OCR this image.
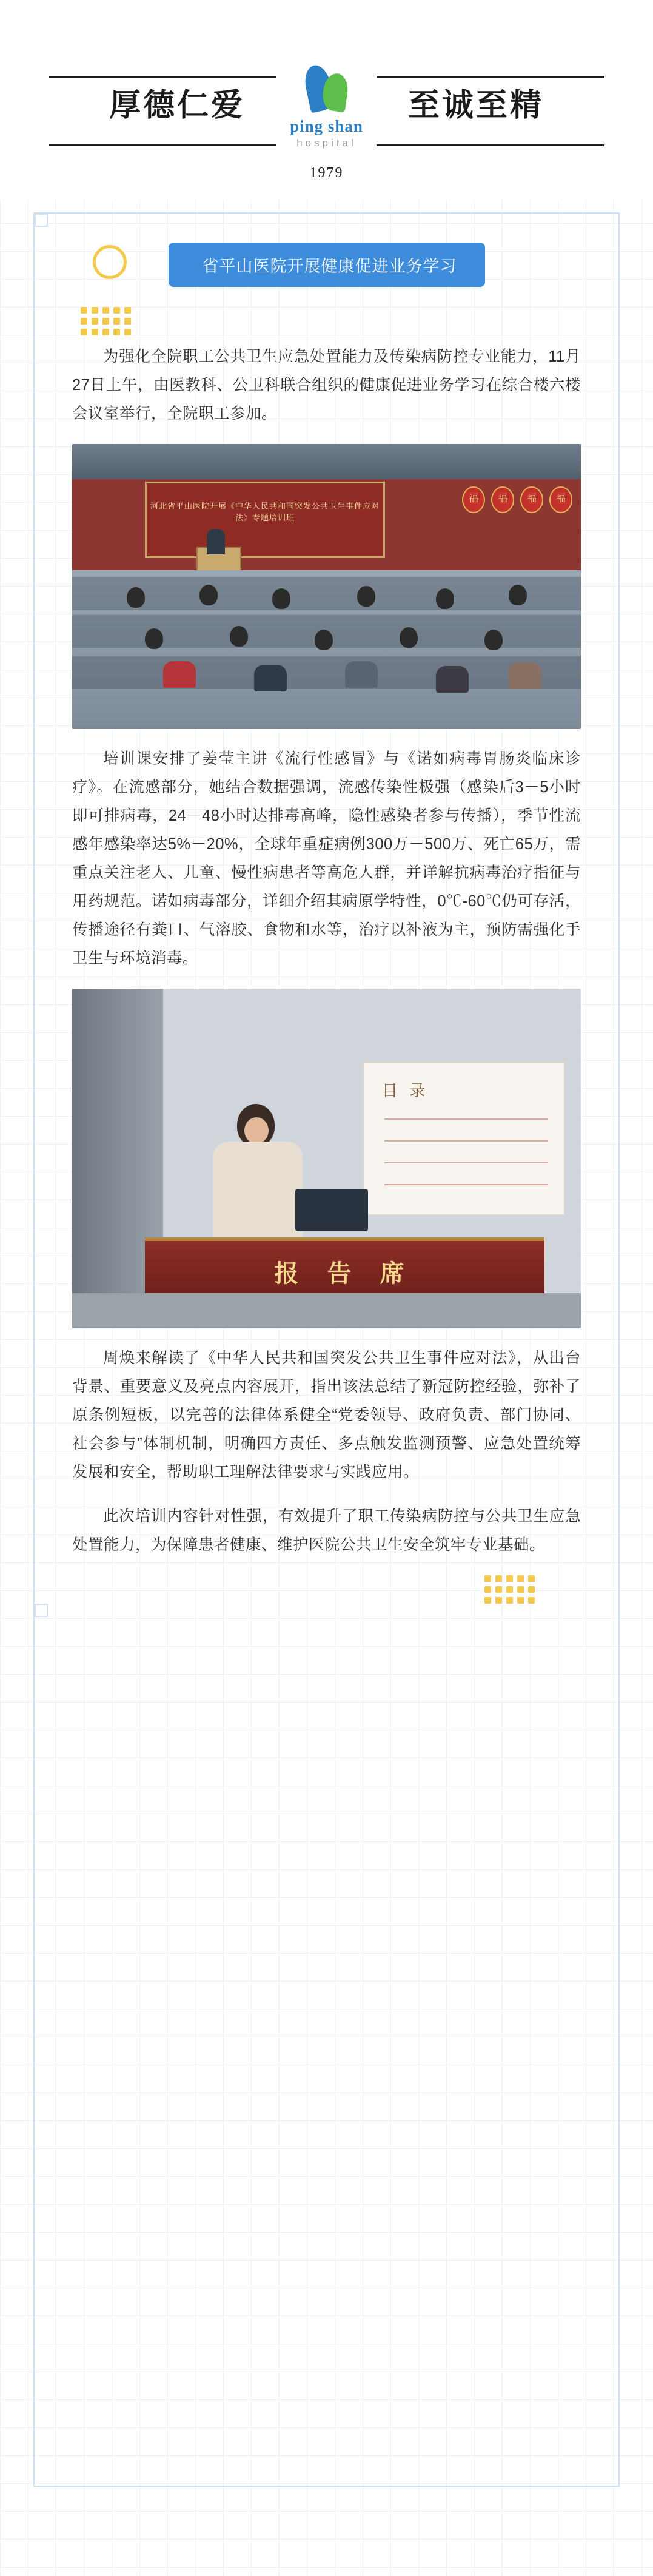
厚德仁爱
ping shan
hospital
至诚至精
1979
省平山医院开展健康促进业务学习

为强化全院职工公共卫生应急处置能力及传染病防控专业能力，11月27日上午，由医教科、公卫科联合组织的健康促进业务学习在综合楼六楼会议室举行，全院职工参加。

河北省平山医院开展《中华人民共和国突发公共卫生事件应对法》专题培训班
福	福	福	福

培训课安排了姜莹主讲《流行性感冒》与《诺如病毒胃肠炎临床诊疗》。在流感部分，她结合数据强调，流感传染性极强（感染后3－5小时即可排病毒，24－48小时达排毒高峰，隐性感染者参与传播），季节性流感年感染率达5%－20%，全球年重症病例300万－500万、死亡65万，需重点关注老人、儿童、慢性病患者等高危人群，并详解抗病毒治疗指征与用药规范。诺如病毒部分，详细介绍其病原学特性，0℃-60℃仍可存活，传播途径有粪口、气溶胶、食物和水等，治疗以补液为主，预防需强化手卫生与环境消毒。

目 录
报 告 席

周焕来解读了《中华人民共和国突发公共卫生事件应对法》，从出台背景、重要意义及亮点内容展开，指出该法总结了新冠防控经验，弥补了原条例短板，以完善的法律体系健全“党委领导、政府负责、部门协同、社会参与”体制机制，明确四方责任、多点触发监测预警、应急处置统筹发展和安全，帮助职工理解法律要求与实践应用。

此次培训内容针对性强，有效提升了职工传染病防控与公共卫生应急处置能力，为保障患者健康、维护医院公共卫生安全筑牢专业基础。
